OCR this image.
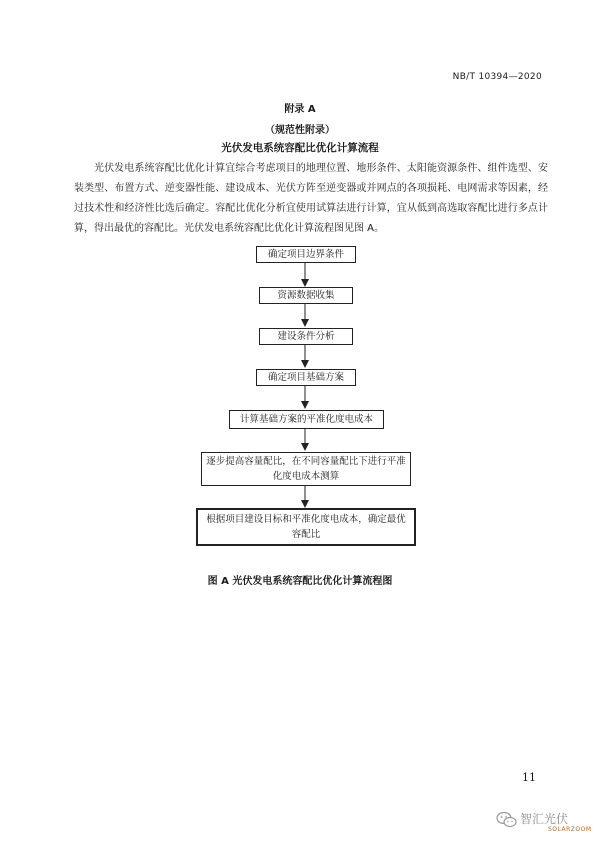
NB/T 10394—2020
附录 A
（规范性附录）
光伏发电系统容配比优化计算流程

光伏发电系统容配比优化计算宜综合考虑项目的地理位置、地形条件、太阳能资源条件、组件选型、安装类型、布置方式、逆变器性能、建设成本、光伏方阵至逆变器或并网点的各项损耗、电网需求等因素，经过技术性和经济性比选后确定。容配比优化分析宜使用试算法进行计算，宜从低到高选取容配比进行多点计算，得出最优的容配比。光伏发电系统容配比优化计算流程图见图 A。

确定项目边界条件
资源数据收集
建设条件分析
确定项目基础方案
计算基础方案的平准化度电成本
逐步提高容量配比，在不同容量配比下进行平准化度电成本测算
根据项目建设目标和平准化度电成本，确定最优容配比
图 A 光伏发电系统容配比优化计算流程图
11
智汇光伏
SOLARZOOM
